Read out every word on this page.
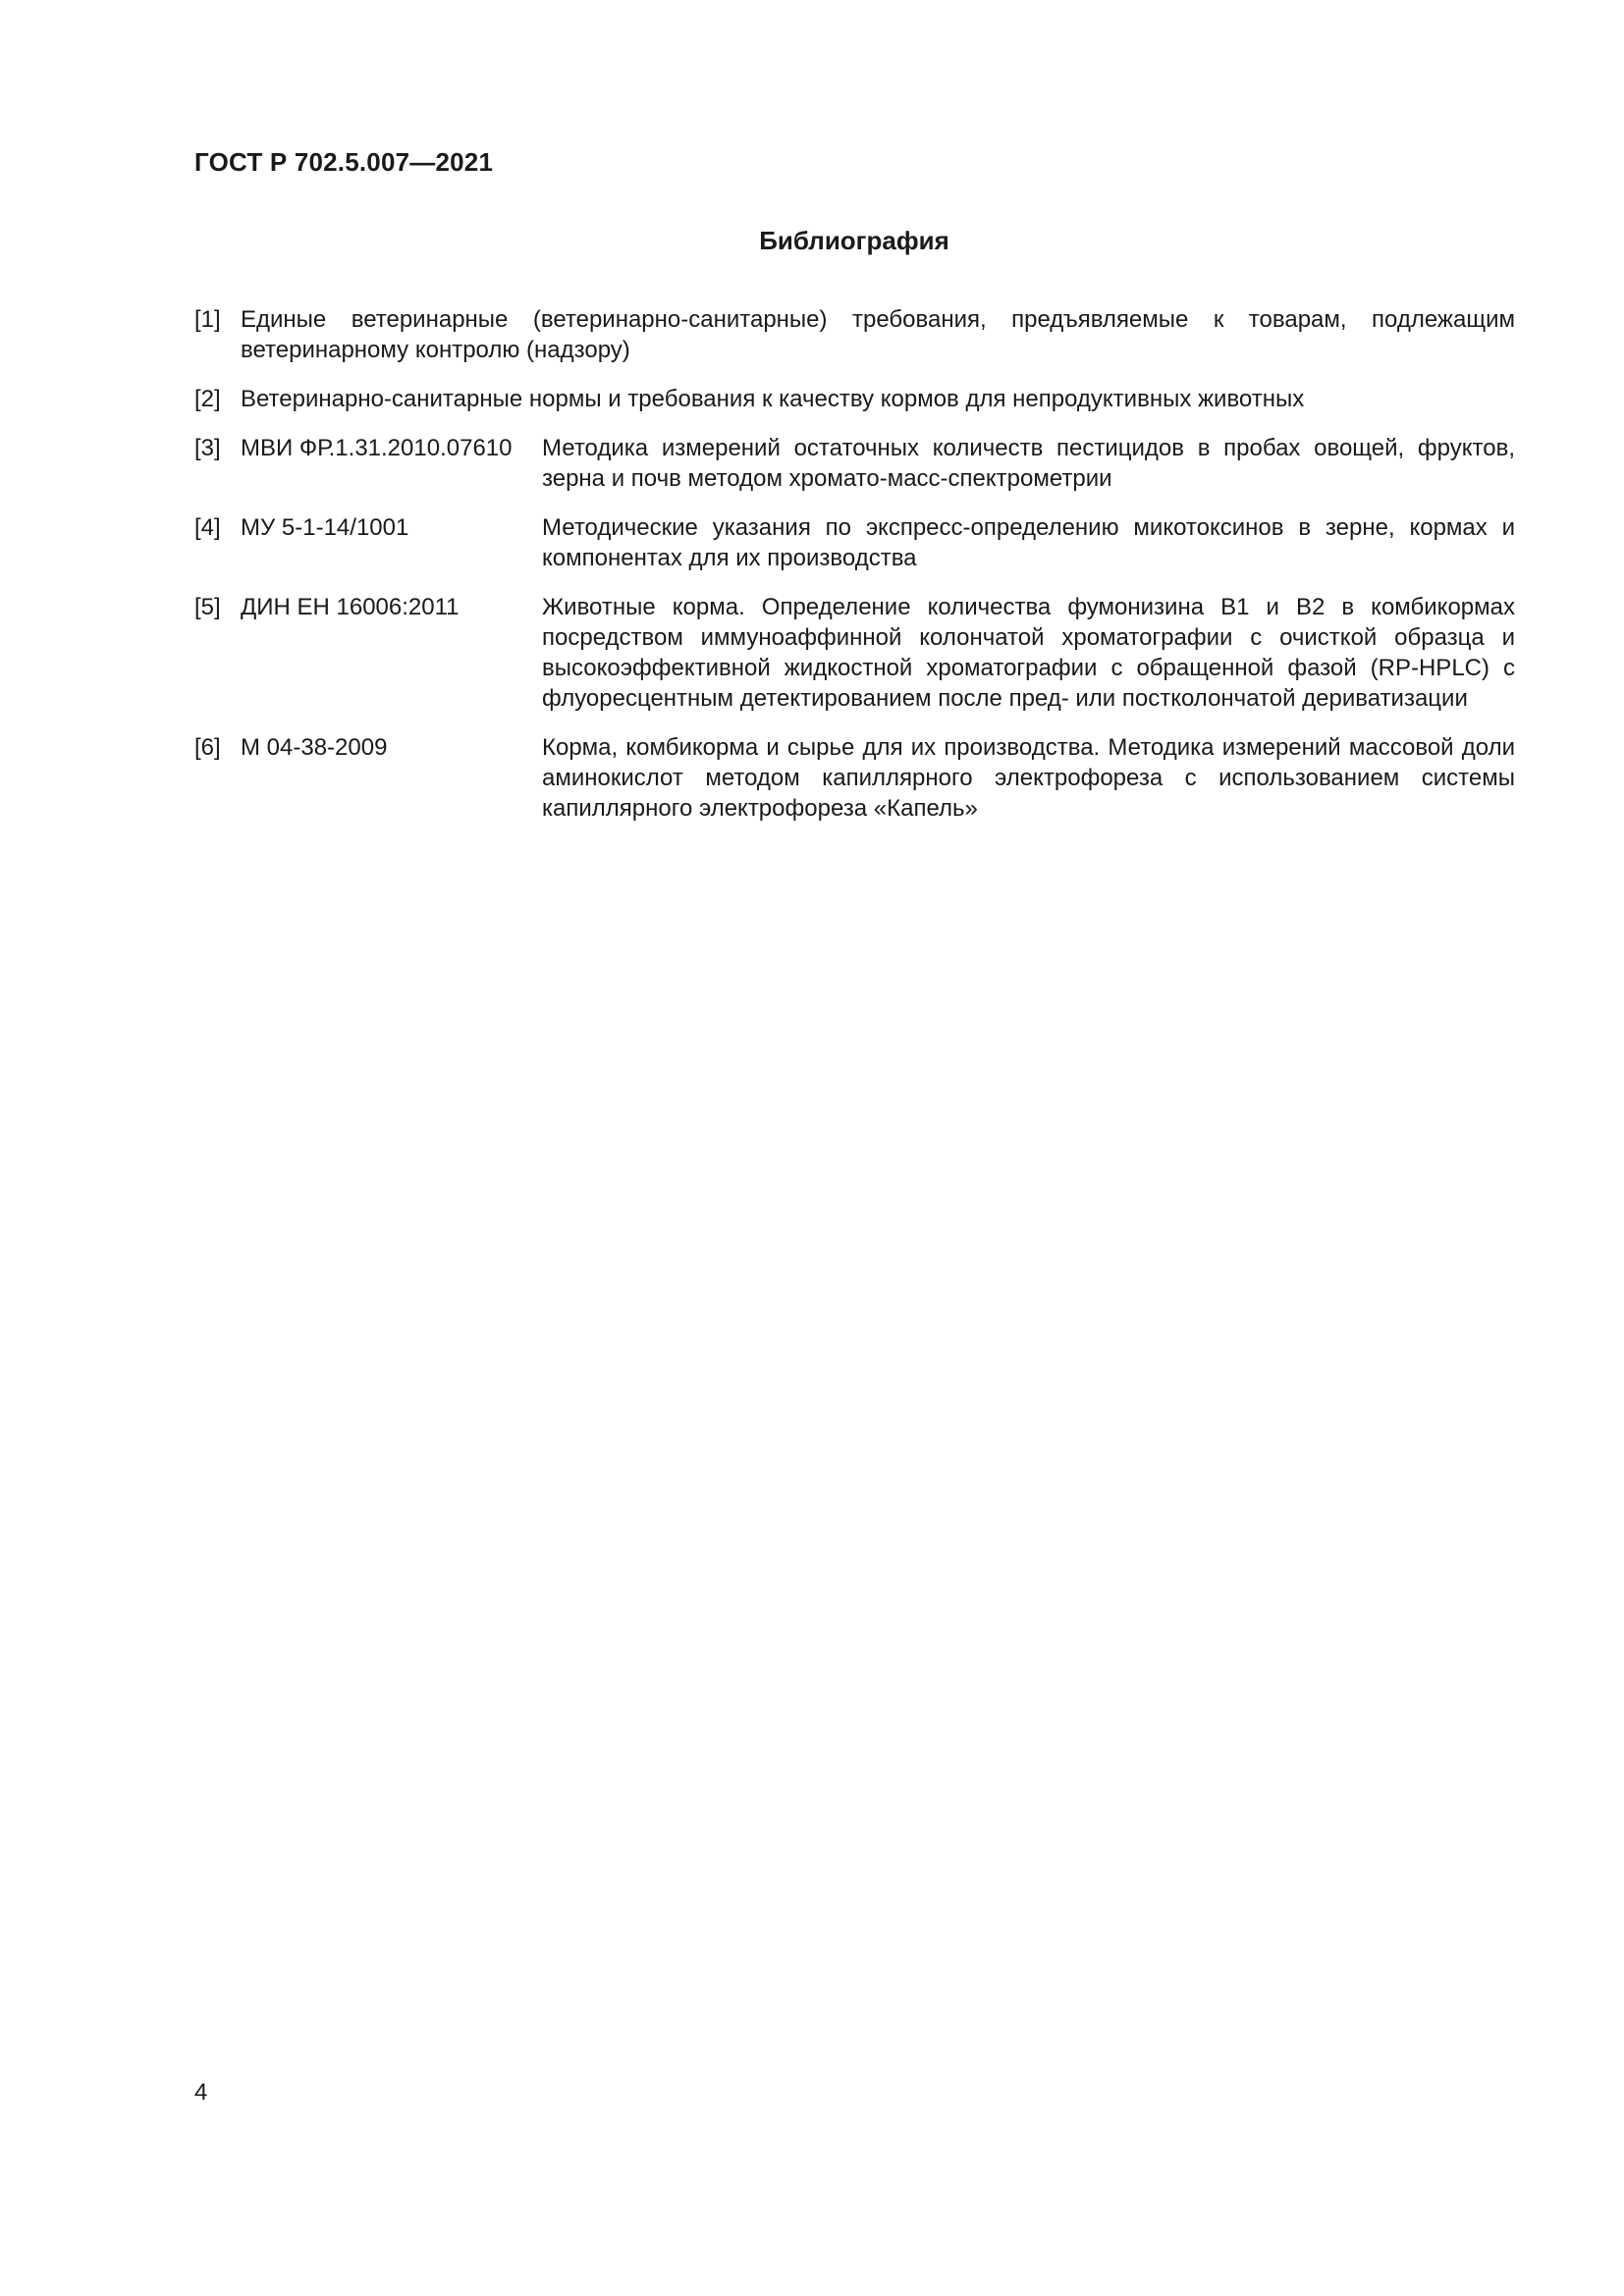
ГОСТ Р 702.5.007—2021
Библиография
[1] Единые ветеринарные (ветеринарно-санитарные) требования, предъявляемые к товарам, подлежащим ветеринарному контролю (надзору)
[2] Ветеринарно-санитарные нормы и требования к качеству кормов для непродуктивных животных
[3] МВИ ФР.1.31.2010.07610	Методика измерений остаточных количеств пестицидов в пробах овощей, фруктов, зерна и почв методом хромато-масс-спектрометрии
[4] МУ 5-1-14/1001	Методические указания по экспресс-определению микотоксинов в зерне, кормах и компонентах для их производства
[5] ДИН ЕН 16006:2011	Животные корма. Определение количества фумонизина В1 и В2 в комбикормах посредством иммуноаффинной колончатой хроматографии с очисткой образца и высокоэффективной жидкостной хроматографии с обращенной фазой (RP-HPLC) с флуоресцентным детектированием после пред- или постколончатой дериватизации
[6] М 04-38-2009	Корма, комбикорма и сырье для их производства. Методика измерений массовой доли аминокислот методом капиллярного электрофореза с использованием системы капиллярного электрофореза «Капель»
4
